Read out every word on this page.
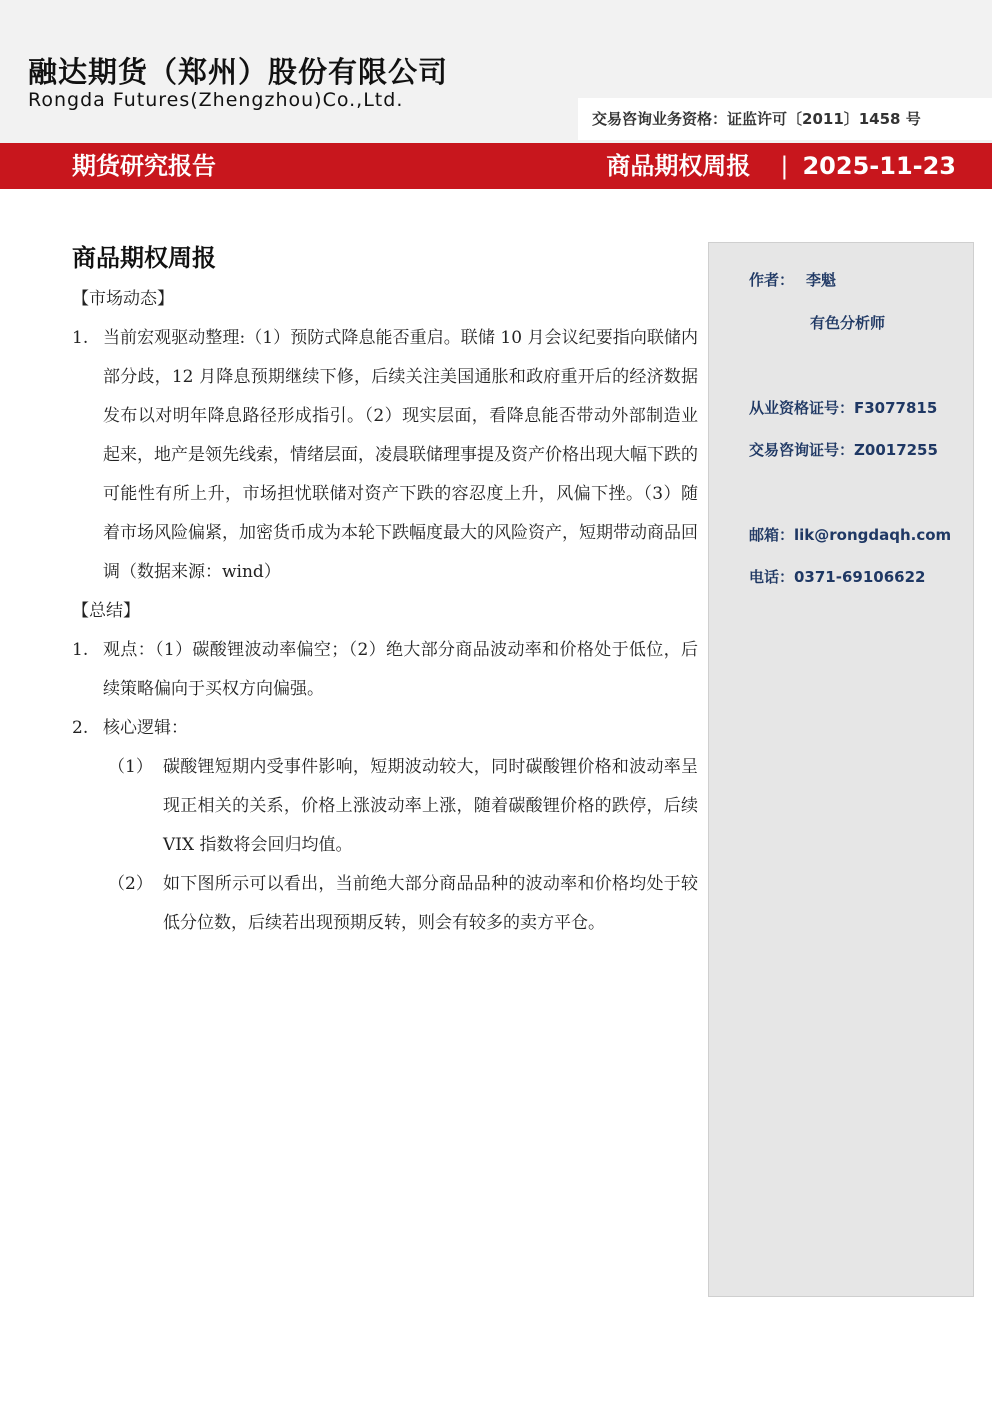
融达期货（郑州）股份有限公司
Rongda Futures(Zhengzhou)Co.,Ltd.
交易咨询业务资格：证监许可〔2011〕1458 号
期货研究报告	商品期权周报 | 2025-11-23
商品期权周报
【市场动态】
1. 当前宏观驱动整理:（1）预防式降息能否重启。联储 10 月会议纪要指向联储内部分歧，12 月降息预期继续下修，后续关注美国通胀和政府重开后的经济数据发布以对明年降息路径形成指引。（2）现实层面，看降息能否带动外部制造业起来，地产是领先线索，情绪层面，凌晨联储理事提及资产价格出现大幅下跌的可能性有所上升，市场担忧联储对资产下跌的容忍度上升，风偏下挫。（3）随着市场风险偏紧，加密货币成为本轮下跌幅度最大的风险资产，短期带动商品回调（数据来源：wind）
【总结】
1. 观点：（1）碳酸锂波动率偏空；（2）绝大部分商品波动率和价格处于低位，后续策略偏向于买权方向偏强。
2. 核心逻辑：
（1） 碳酸锂短期内受事件影响，短期波动较大，同时碳酸锂价格和波动率呈现正相关的关系，价格上涨波动率上涨，随着碳酸锂价格的跌停，后续 VIX 指数将会回归均值。
（2） 如下图所示可以看出，当前绝大部分商品品种的波动率和价格均处于较低分位数，后续若出现预期反转，则会有较多的卖方平仓。
作者： 李魁
有色分析师
从业资格证号：F3077815
交易咨询证号：Z0017255
邮箱：lik@rongdaqh.com
电话：0371-69106622
